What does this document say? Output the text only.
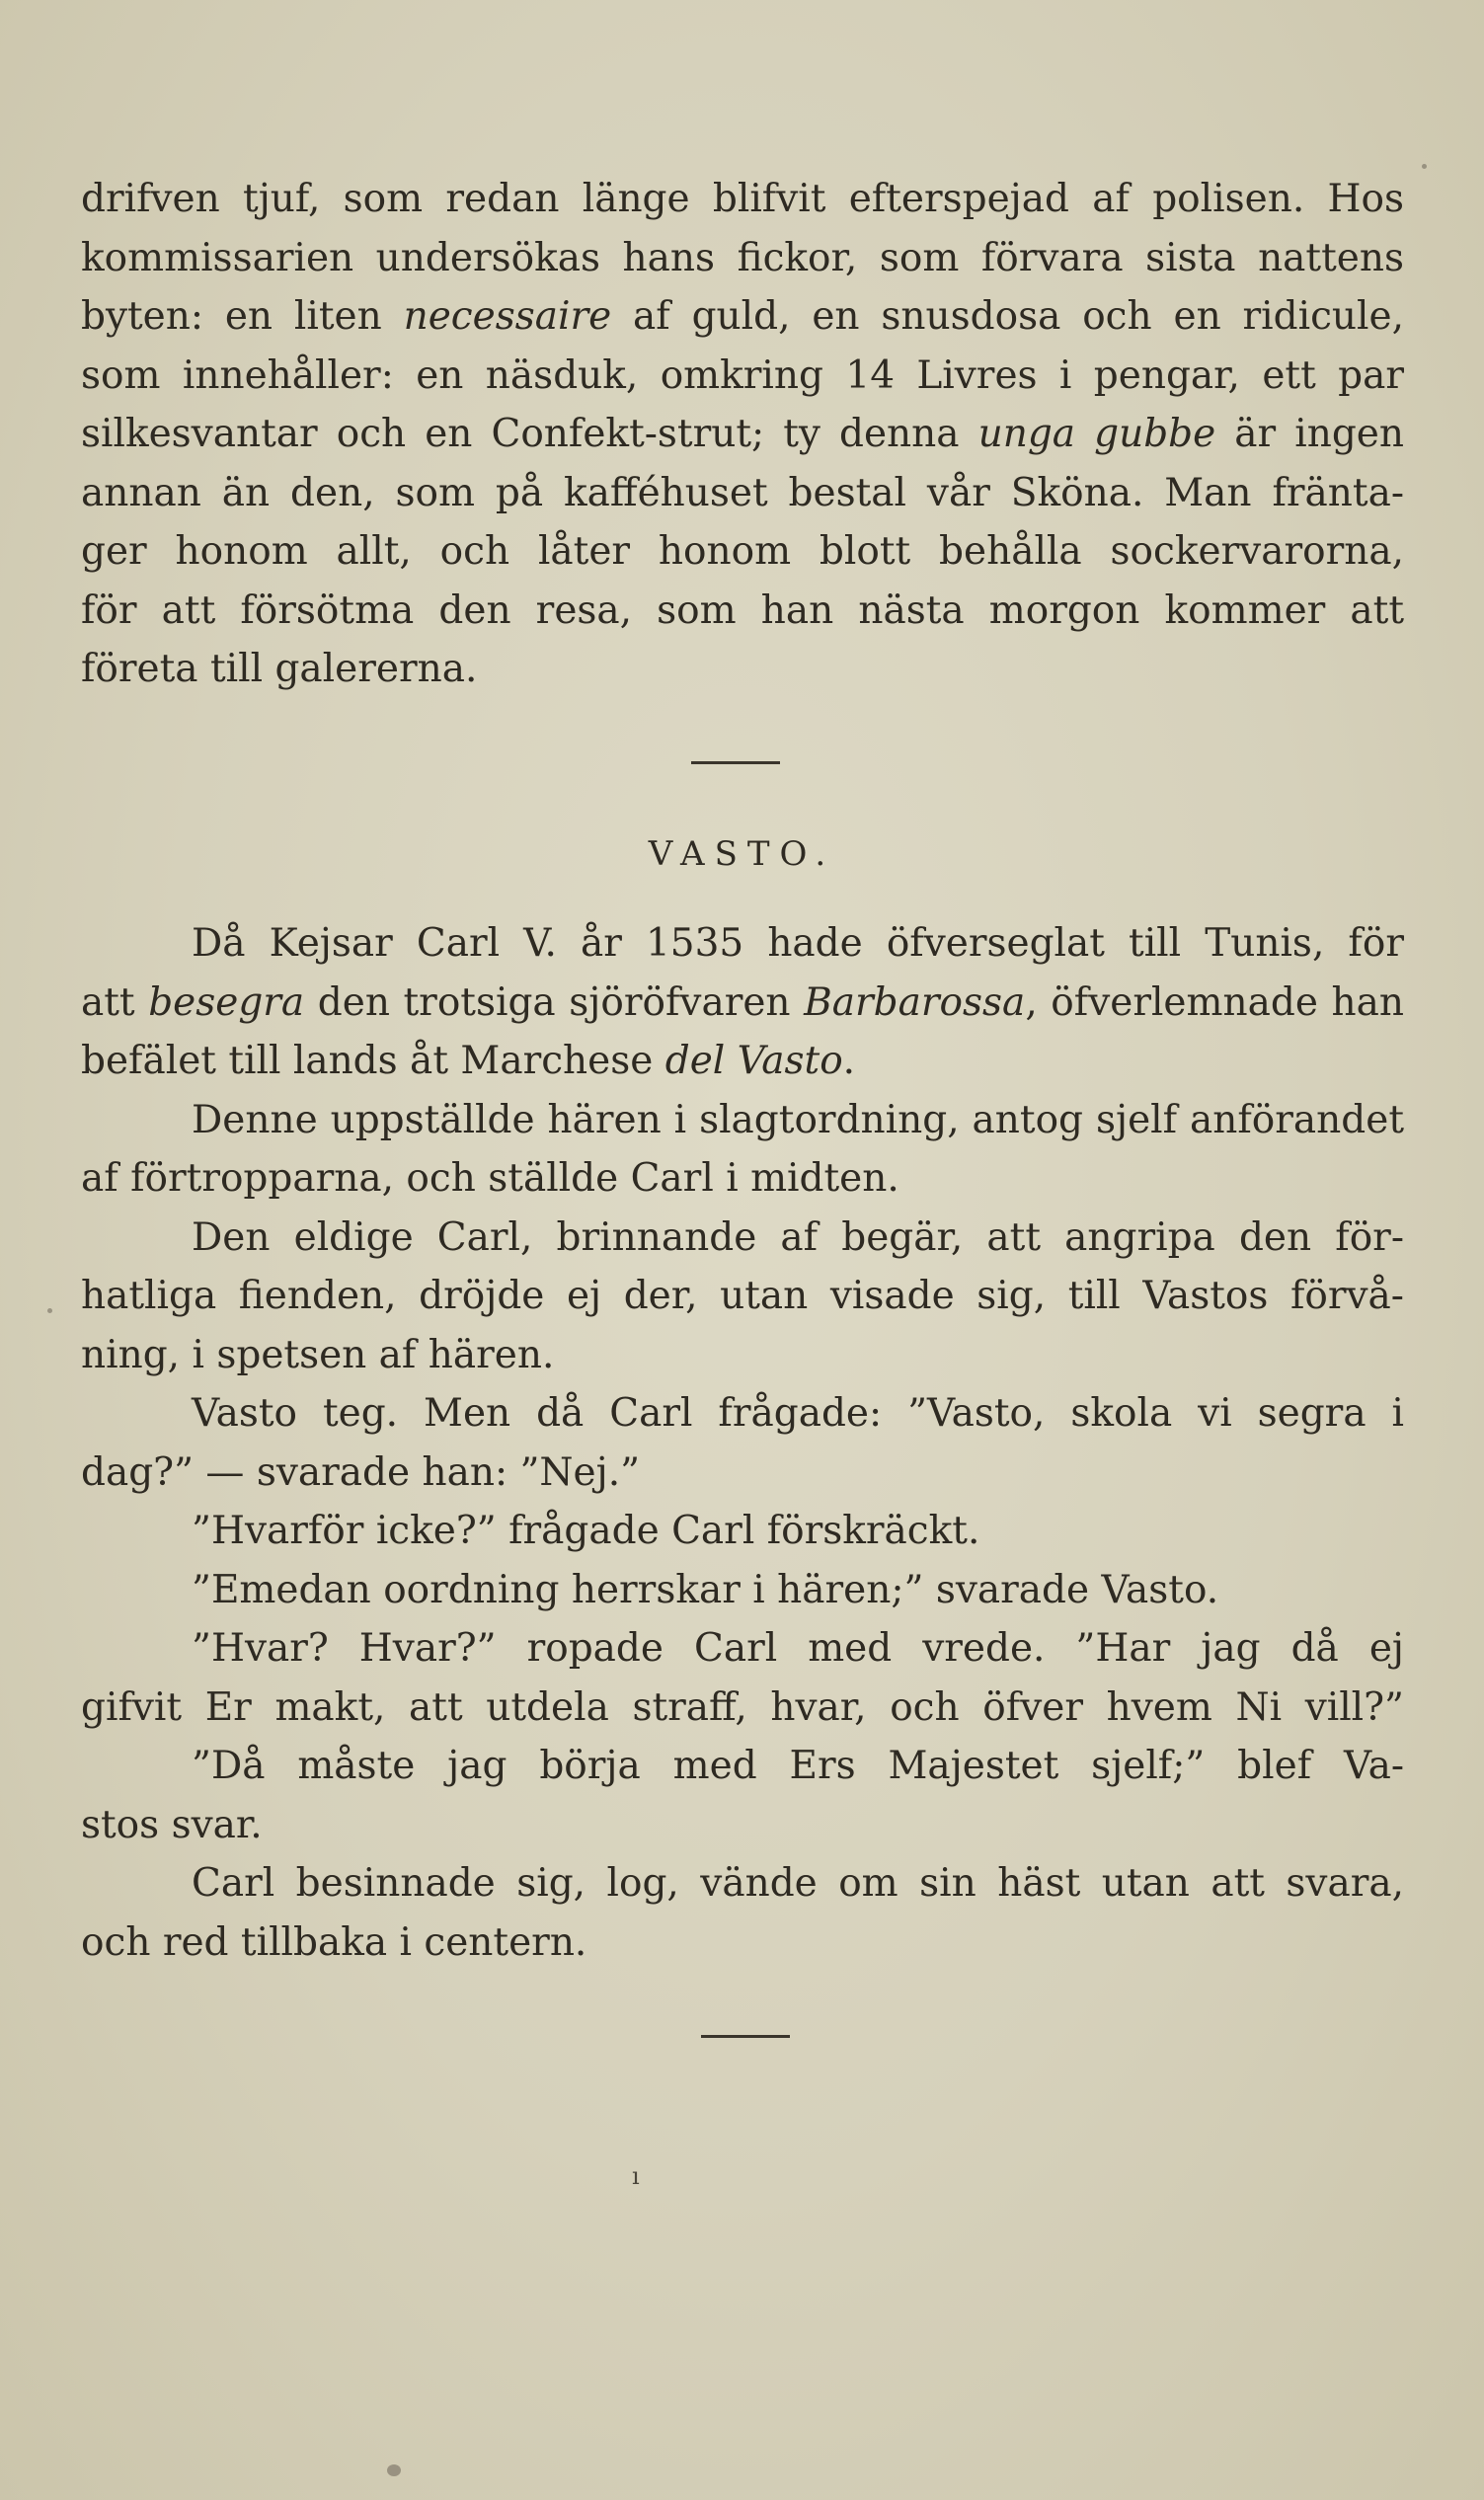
drifven tjuf, som redan länge blifvit efterspejad af polisen. Hos
kommissarien undersökas hans fickor, som förvara sista nattens
byten: en liten necessaire af guld, en snusdosa och en ridicule,
som innehåller: en näsduk, omkring 14 Livres i pengar, ett par
silkesvantar och en Confekt-strut; ty denna unga gubbe är ingen
annan än den, som på kafféhuset bestal vår Sköna. Man fränta-
ger honom allt, och låter honom blott behålla sockervarorna,
för att försötma den resa, som han nästa morgon kommer att
företa till galererna.
VASTO.
Då Kejsar Carl V. år 1535 hade öfverseglat till Tunis, för
att besegra den trotsiga sjöröfvaren Barbarossa, öfverlemnade han
befälet till lands åt Marchese del Vasto.
Denne uppställde hären i slagtordning, antog sjelf anförandet
af förtropparna, och ställde Carl i midten.
Den eldige Carl, brinnande af begär, att angripa den för-
hatliga fienden, dröjde ej der, utan visade sig, till Vastos förvå-
ning, i spetsen af hären.
Vasto teg. Men då Carl frågade: ”Vasto, skola vi segra i
dag?” — svarade han: ”Nej.”
”Hvarför icke?” frågade Carl förskräckt.
”Emedan oordning herrskar i hären;” svarade Vasto.
”Hvar? Hvar?” ropade Carl med vrede. ”Har jag då ej
gifvit Er makt, att utdela straff, hvar, och öfver hvem Ni vill?”
”Då måste jag börja med Ers Majestet sjelf;” blef Va-
stos svar.
Carl besinnade sig, log, vände om sin häst utan att svara,
och red tillbaka i centern.
ı
